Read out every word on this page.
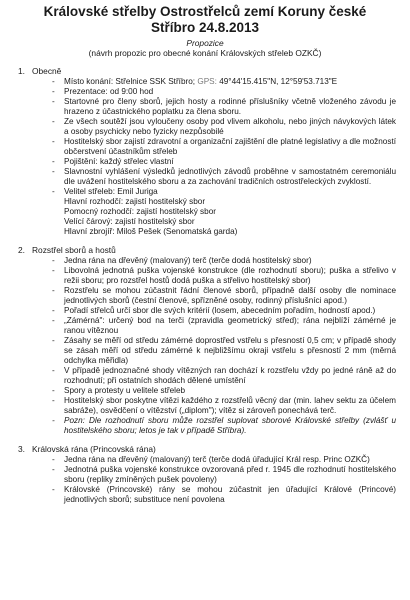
Královské střelby Ostrostřelců zemí Koruny české
Stříbro 24.8.2013
Propozice
(návrh propozic pro obecné konání Královských střeleb OZKČ)
1. Obecně
- Místo konání: Střelnice SSK Stříbro; GPS: 49°44'15.415"N, 12°59'53.713"E
- Prezentace: od 9:00 hod
- Startovné pro členy sborů, jejich hosty a rodinné příslušníky včetně vloženého závodu je hrazeno z účastnického poplatku za člena sboru.
- Ze všech soutěží jsou vyloučeny osoby pod vlivem alkoholu, nebo jiných návykových látek a osoby psychicky nebo fyzicky nezpůsobilé
- Hostitelský sbor zajistí zdravotní a organizační zajištění dle platné legislativy a dle možností občerstvení účastníkům střeleb
- Pojištění: každý střelec vlastní
- Slavnostní vyhlášení výsledků jednotlivých závodů proběhne v samostatném ceremoniálu dle uvážení hostitelského sboru a za zachování tradičních ostrostřeleckých zvyklostí.
- Velitel střeleb: Emil Juriga
Hlavní rozhodčí: zajistí hostitelský sbor
Pomocný rozhodčí: zajistí hostitelský sbor
Velící čárový: zajistí hostitelský sbor
Hlavní zbrojíř: Miloš Pešek (Senomatská garda)
2. Rozstřel sborů a hostů
- Jedna rána na dřevěný (malovaný) terč (terče dodá hostitelský sbor)
- Libovolná jednotná puška vojenské konstrukce (dle rozhodnutí sboru); puška a střelivo v režii sboru; pro rozstřel hostů dodá puška a střelivo hostitelský sbor)
- Rozstřelu se mohou zúčastnit řádní členové sborů, případně další osoby dle nominace jednotlivých sborů (čestní členové, spřízněné osoby, rodinný příslušníci apod.)
- Pořadí střelců určí sbor dle svých kritérií (losem, abecedním pořadím, hodností apod.)
- „Zámérná": určený bod na terči (zpravidla geometrický střed); rána nejblíží zámérné je ranou vítěznou
- Zásahy se měří od středu zámérné doprostřed vstřelu s přesností 0,5 cm; v případě shody se zásah měří od středu zámérné k nejbližšímu okraji vstřelu s přesností 2 mm (měrná odchylka měřidla)
- V případě jednoznačné shody vítězných ran dochází k rozstřelu vždy po jedné ráně až do rozhodnutí; při ostatních shodách dělené umístění
- Spory a protesty u velitele střeleb
- Hostitelský sbor poskytne vítězi každého z rozstřelů věcný dar (min. lahev sektu za účelem sabráže), osvědčení o vítězství („diplom"); vítěz si zároveň ponechává terč.
- Pozn: Dle rozhodnutí sboru může rozstřel suplovat sborové Královské střelby (zvlášť u hostitelského sboru; letos je tak v případě Stříbra).
3. Královská rána (Princovská rána)
- Jedna rána na dřevěný (malovaný) terč (terče dodá úřadující Král resp. Princ OZKČ)
- Jednotná puška vojenské konstrukce ovzorovaná před r. 1945 dle rozhodnutí hostitelského sboru (repliky zmíněných pušek povoleny)
- Královské (Princovské) rány se mohou zúčastnit jen úřadující Králové (Princové) jednotlivých sborů; substituce není povolena
